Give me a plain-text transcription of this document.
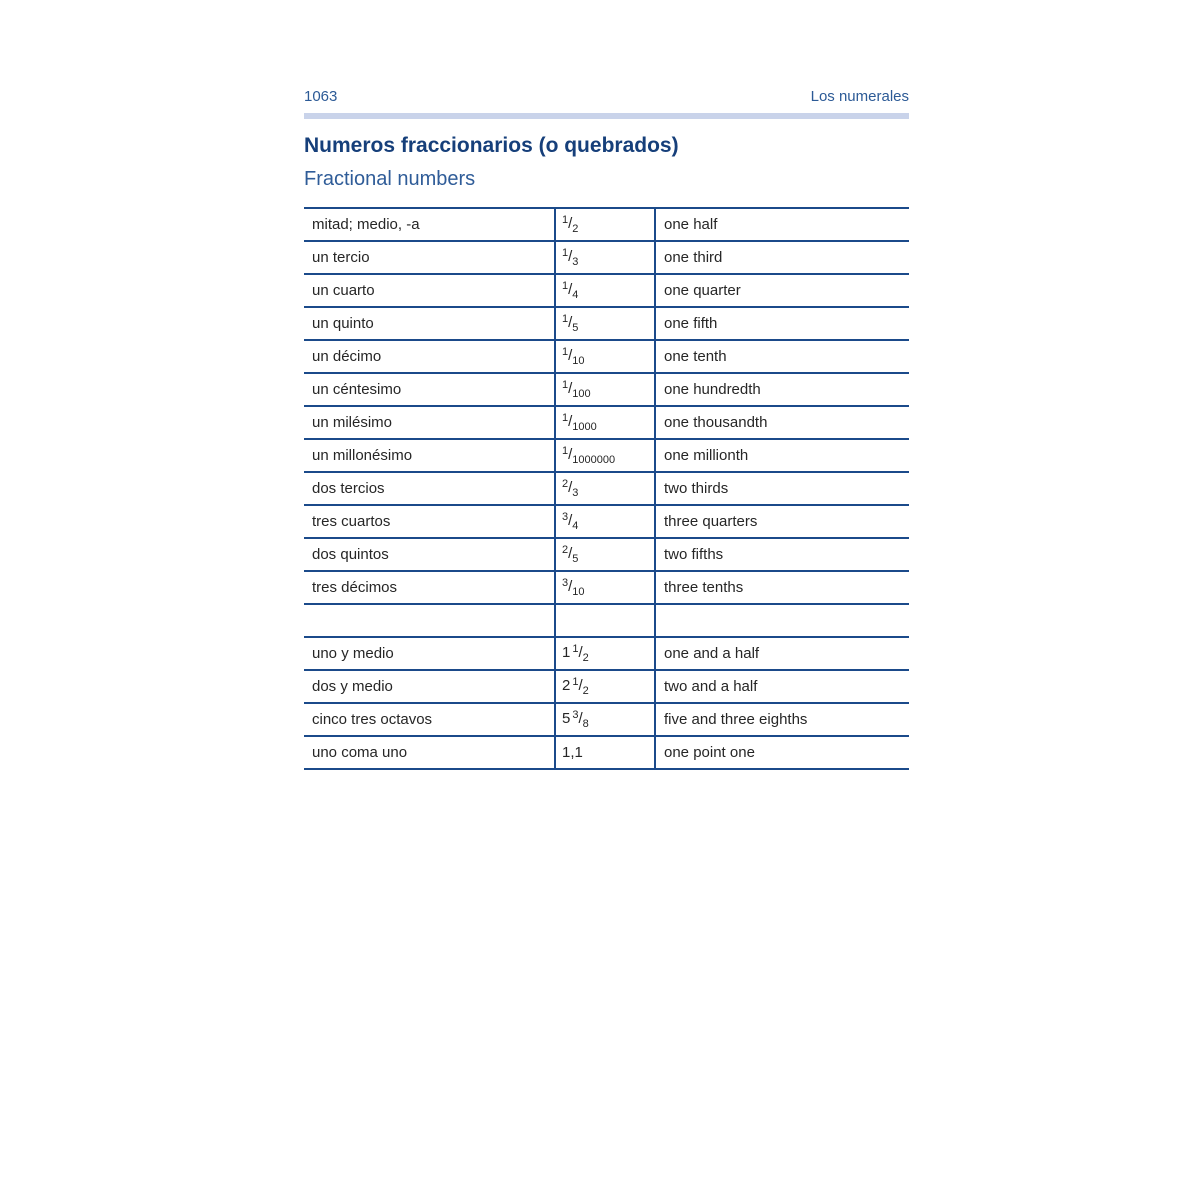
1063	Los numerales
Numeros fraccionarios (o quebrados)
Fractional numbers
mitad; medio, -a	$^1/_2$	one half
un tercio	$^1/_3$	one third
un cuarto	$^1/_4$	one quarter
un quinto	$^1/_5$	one fifth
un décimo	$^1/_{10}$	one tenth
un céntesimo	$^1/_{100}$	one hundredth
un milésimo	$^1/_{1000}$	one thousandth
un millonésimo	$^1/_{1000000}$	one millionth
dos tercios	$^2/_3$	two thirds
tres cuartos	$^3/_4$	three quarters
dos quintos	$^2/_5$	two fifths
tres décimos	$^3/_{10}$	three tenths

uno y medio	1 $^1/_2$	one and a half
dos y medio	2 $^1/_2$	two and a half
cinco tres octavos	5 $^3/_8$	five and three eighths
uno coma uno	1,1	one point one
